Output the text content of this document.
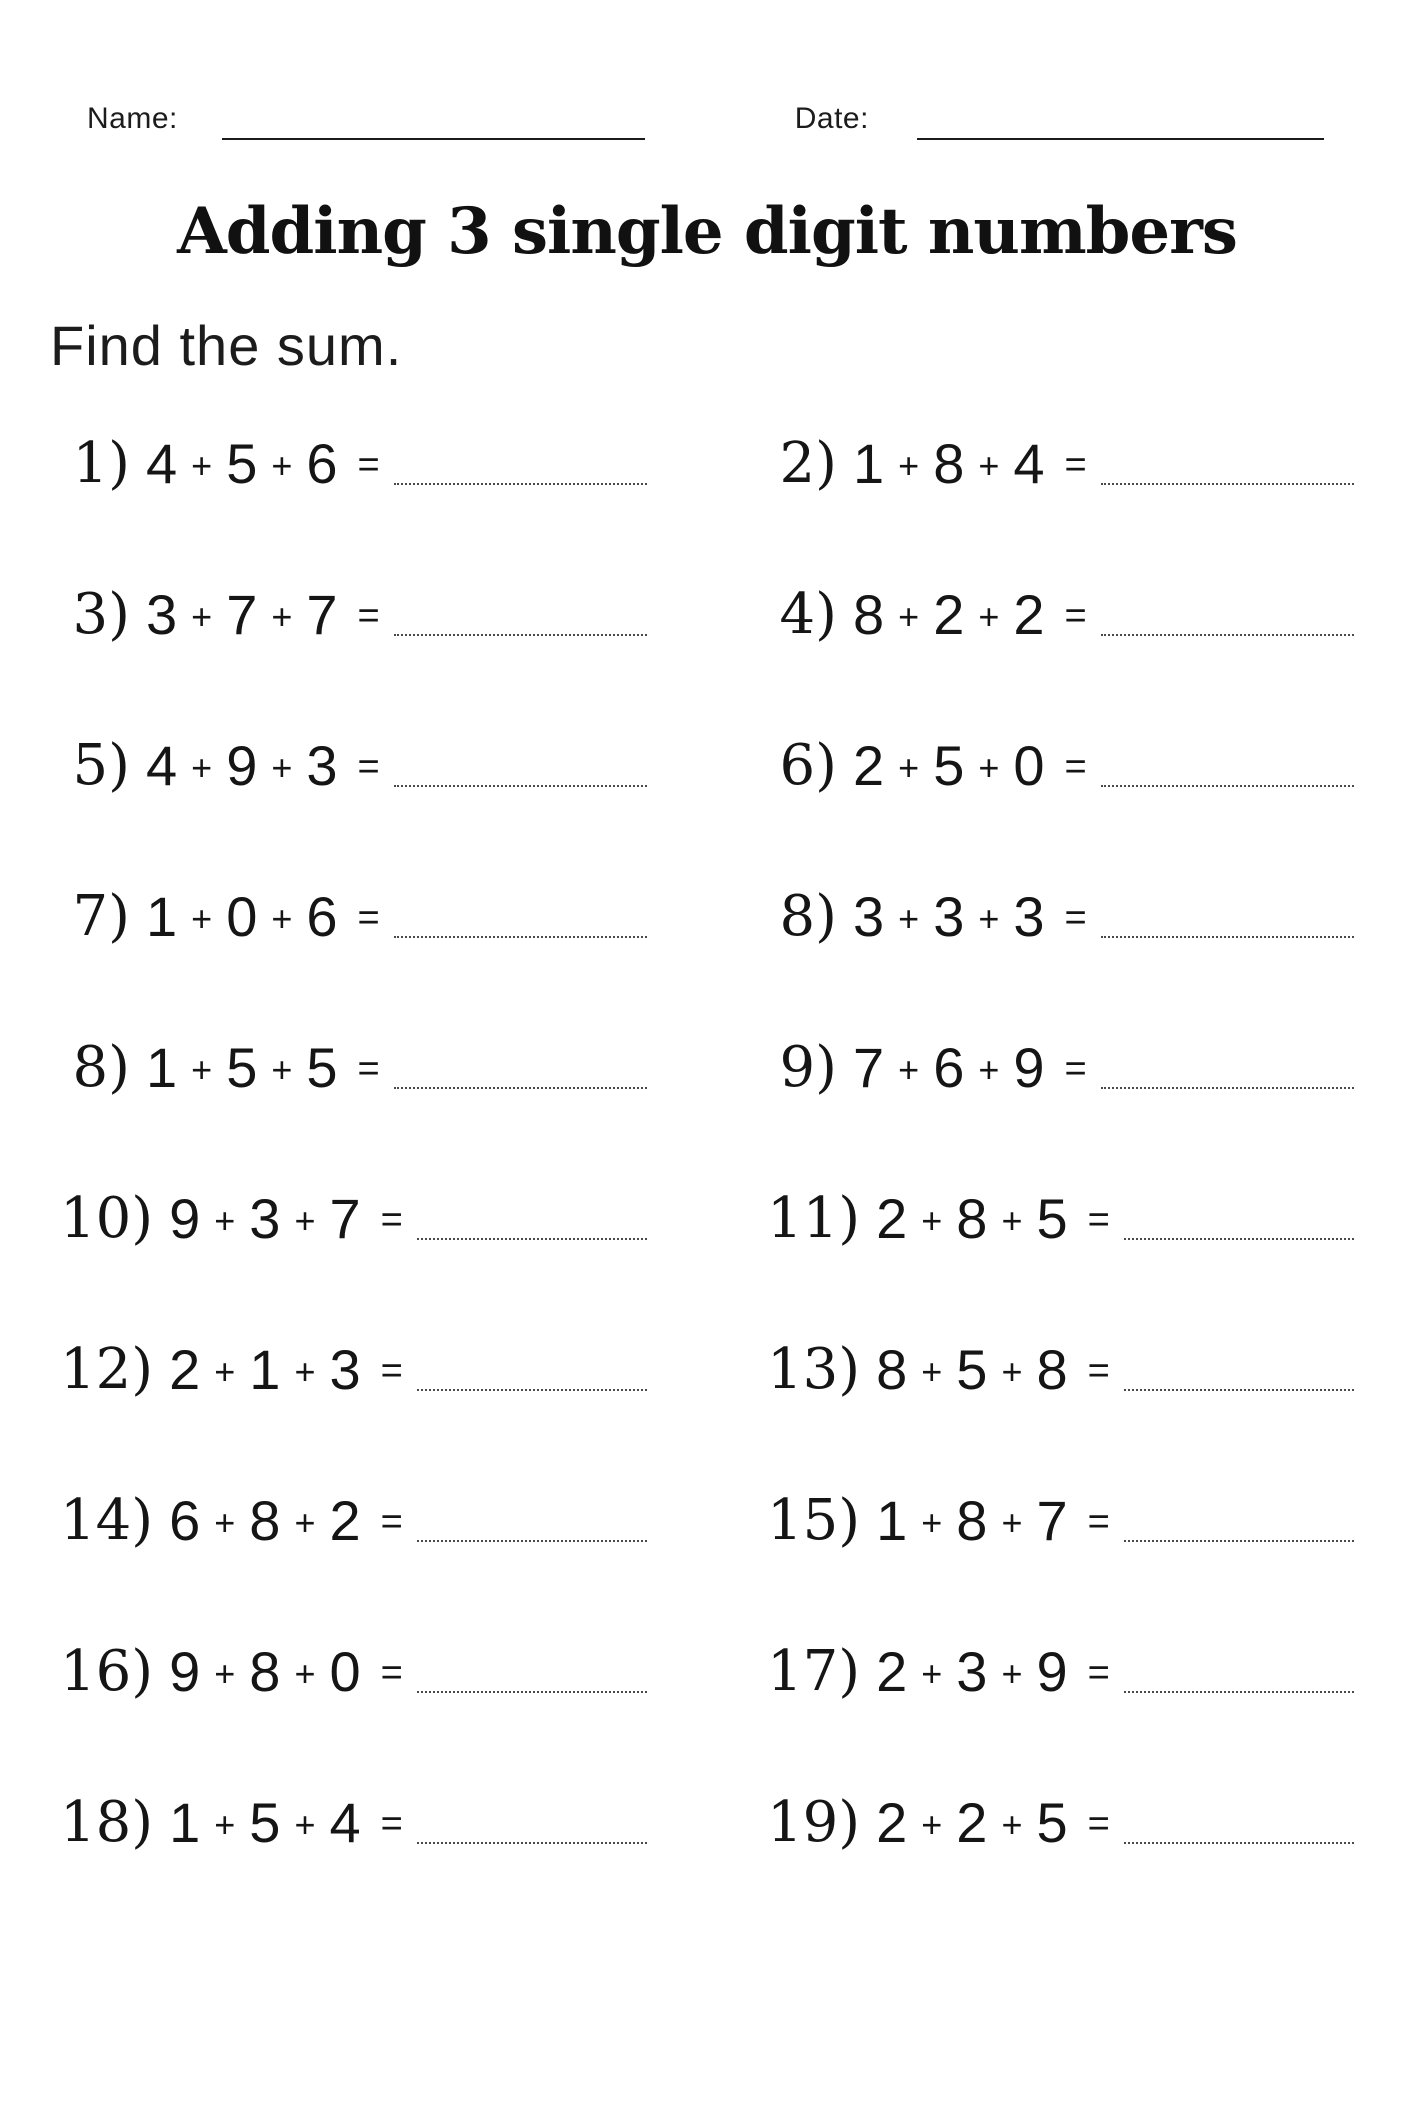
Name:	Date:
Adding 3 single digit numbers
Find the sum.
1) 4 + 5 + 6 =	2) 1 + 8 + 4 =
3) 3 + 7 + 7 =	4) 8 + 2 + 2 =
5) 4 + 9 + 3 =	6) 2 + 5 + 0 =
7) 1 + 0 + 6 =	8) 3 + 3 + 3 =
8) 1 + 5 + 5 =	9) 7 + 6 + 9 =
10) 9 + 3 + 7 =	11) 2 + 8 + 5 =
12) 2 + 1 + 3 =	13) 8 + 5 + 8 =
14) 6 + 8 + 2 =	15) 1 + 8 + 7 =
16) 9 + 8 + 0 =	17) 2 + 3 + 9 =
18) 1 + 5 + 4 =	19) 2 + 2 + 5 =
